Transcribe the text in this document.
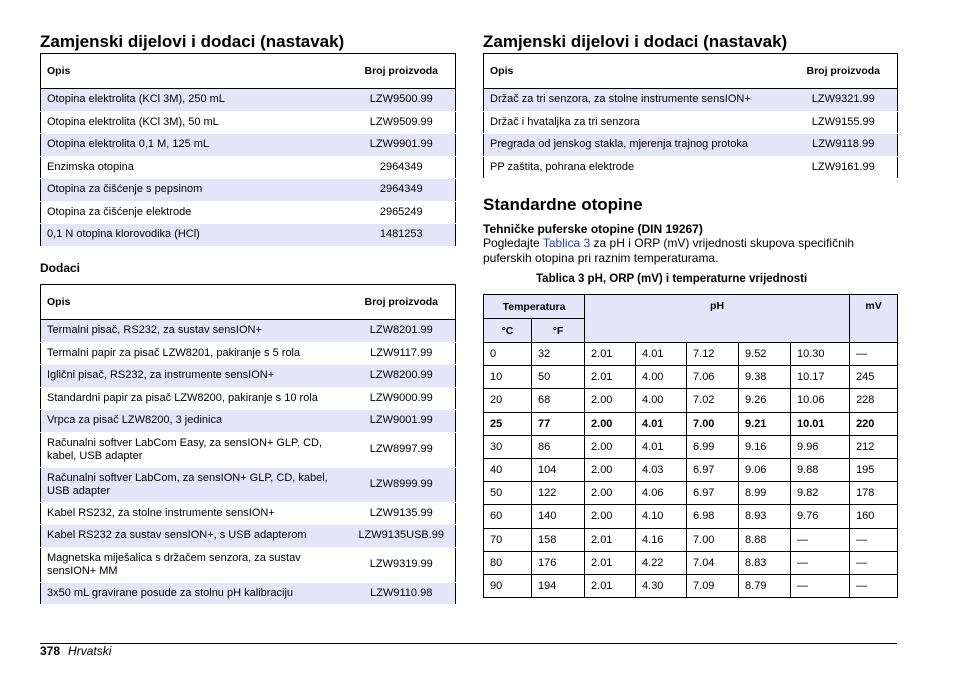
Zamjenski dijelovi i dodaci (nastavak)
Opis	Broj proizvoda
Otopina elektrolita (KCl 3M), 250 mL	LZW9500.99
Otopina elektrolita (KCl 3M), 50 mL	LZW9509.99
Otopina elektrolita 0,1 M, 125 mL	LZW9901.99
Enzimska otopina	2964349
Otopina za čišćenje s pepsinom	2964349
Otopina za čišćenje elektrode	2965249
0,1 N otopina klorovodika (HCl)	1481253
Dodaci
Opis	Broj proizvoda
Termalni pisač, RS232, za sustav sensION+	LZW8201.99
Termalni papir za pisač LZW8201, pakiranje s 5 rola	LZW9117.99
Iglični pisač, RS232, za instrumente sensION+	LZW8200.99
Standardni papir za pisač LZW8200, pakiranje s 10 rola	LZW9000.99
Vrpca za pisač LZW8200, 3 jedinica	LZW9001.99
Računalni softver LabCom Easy, za sensION+ GLP, CD, kabel, USB adapter	LZW8997.99
Računalni softver LabCom, za sensION+ GLP, CD, kabel, USB adapter	LZW8999.99
Kabel RS232, za stolne instrumente sensION+	LZW9135.99
Kabel RS232 za sustav sensION+, s USB adapterom	LZW9135USB.99
Magnetska miješalica s držačem senzora, za sustav sensION+ MM	LZW9319.99
3x50 mL gravirane posude za stolnu pH kalibraciju	LZW9110.98
Zamjenski dijelovi i dodaci (nastavak)
Opis	Broj proizvoda
Držač za tri senzora, za stolne instrumente sensION+	LZW9321.99
Držač i hvataljka za tri senzora	LZW9155.99
Pregrada od jenskog stakla, mjerenja trajnog protoka	LZW9118.99
PP zaštita, pohrana elektrode	LZW9161.99
Standardne otopine
Tehničke puferske otopine (DIN 19267)

Pogledajte Tablica 3 za pH i ORP (mV) vrijednosti skupova specifičnih puferskih otopina pri raznim temperaturama.

Tablica 3 pH, ORP (mV) i temperaturne vrijednosti
Temperatura		pH					mV
°C	°F						
0	32	2.01	4.01	7.12	9.52	10.30	—
10	50	2.01	4.00	7.06	9.38	10.17	245
20	68	2.00	4.00	7.02	9.26	10.06	228
25	77	2.00	4.01	7.00	9.21	10.01	220
30	86	2.00	4.01	6.99	9.16	9.96	212
40	104	2.00	4.03	6.97	9.06	9.88	195
50	122	2.00	4.06	6.97	8.99	9.82	178
60	140	2.00	4.10	6.98	8.93	9.76	160
70	158	2.01	4.16	7.00	8.88	—	—
80	176	2.01	4.22	7.04	8.83	—	—
90	194	2.01	4.30	7.09	8.79	—	—
378 Hrvatski
